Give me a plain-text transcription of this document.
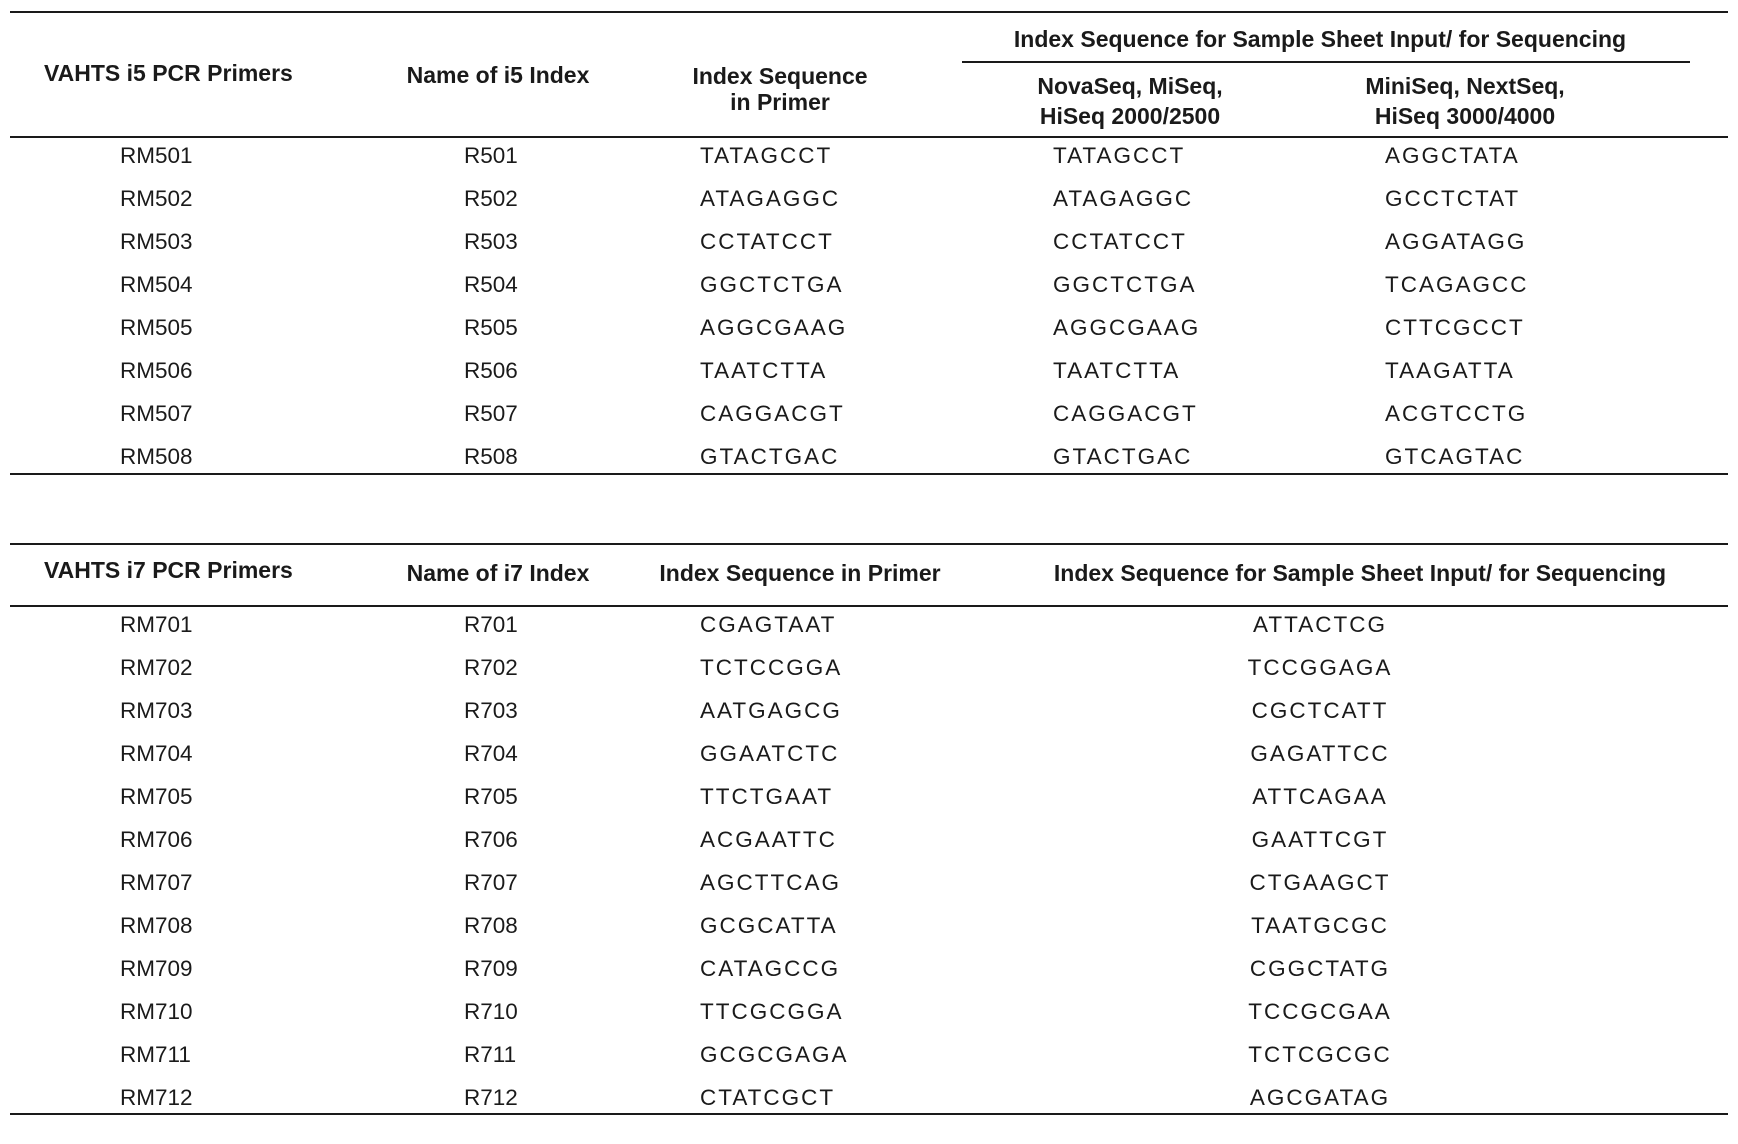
VAHTS i5 PCR Primers	Name of i5 Index	Index Sequence
in Primer
Index Sequence for Sample Sheet Input/ for Sequencing
NovaSeq, MiSeq,
HiSeq 2000/2500
MiniSeq, NextSeq,
HiSeq 3000/4000
RM501	R501	TATAGCCT	TATAGCCT	AGGCTATA
RM502	R502	ATAGAGGC	ATAGAGGC	GCCTCTAT
RM503	R503	CCTATCCT	CCTATCCT	AGGATAGG
RM504	R504	GGCTCTGA	GGCTCTGA	TCAGAGCC
RM505	R505	AGGCGAAG	AGGCGAAG	CTTCGCCT
RM506	R506	TAATCTTA	TAATCTTA	TAAGATTA
RM507	R507	CAGGACGT	CAGGACGT	ACGTCCTG
RM508	R508	GTACTGAC	GTACTGAC	GTCAGTAC
VAHTS i7 PCR Primers	Name of i7 Index	Index Sequence in Primer	Index Sequence for Sample Sheet Input/ for Sequencing
RM701	R701	CGAGTAAT	ATTACTCG
RM702	R702	TCTCCGGA	TCCGGAGA
RM703	R703	AATGAGCG	CGCTCATT
RM704	R704	GGAATCTC	GAGATTCC
RM705	R705	TTCTGAAT	ATTCAGAA
RM706	R706	ACGAATTC	GAATTCGT
RM707	R707	AGCTTCAG	CTGAAGCT
RM708	R708	GCGCATTA	TAATGCGC
RM709	R709	CATAGCCG	CGGCTATG
RM710	R710	TTCGCGGA	TCCGCGAA
RM711	R711	GCGCGAGA	TCTCGCGC
RM712	R712	CTATCGCT	AGCGATAG
